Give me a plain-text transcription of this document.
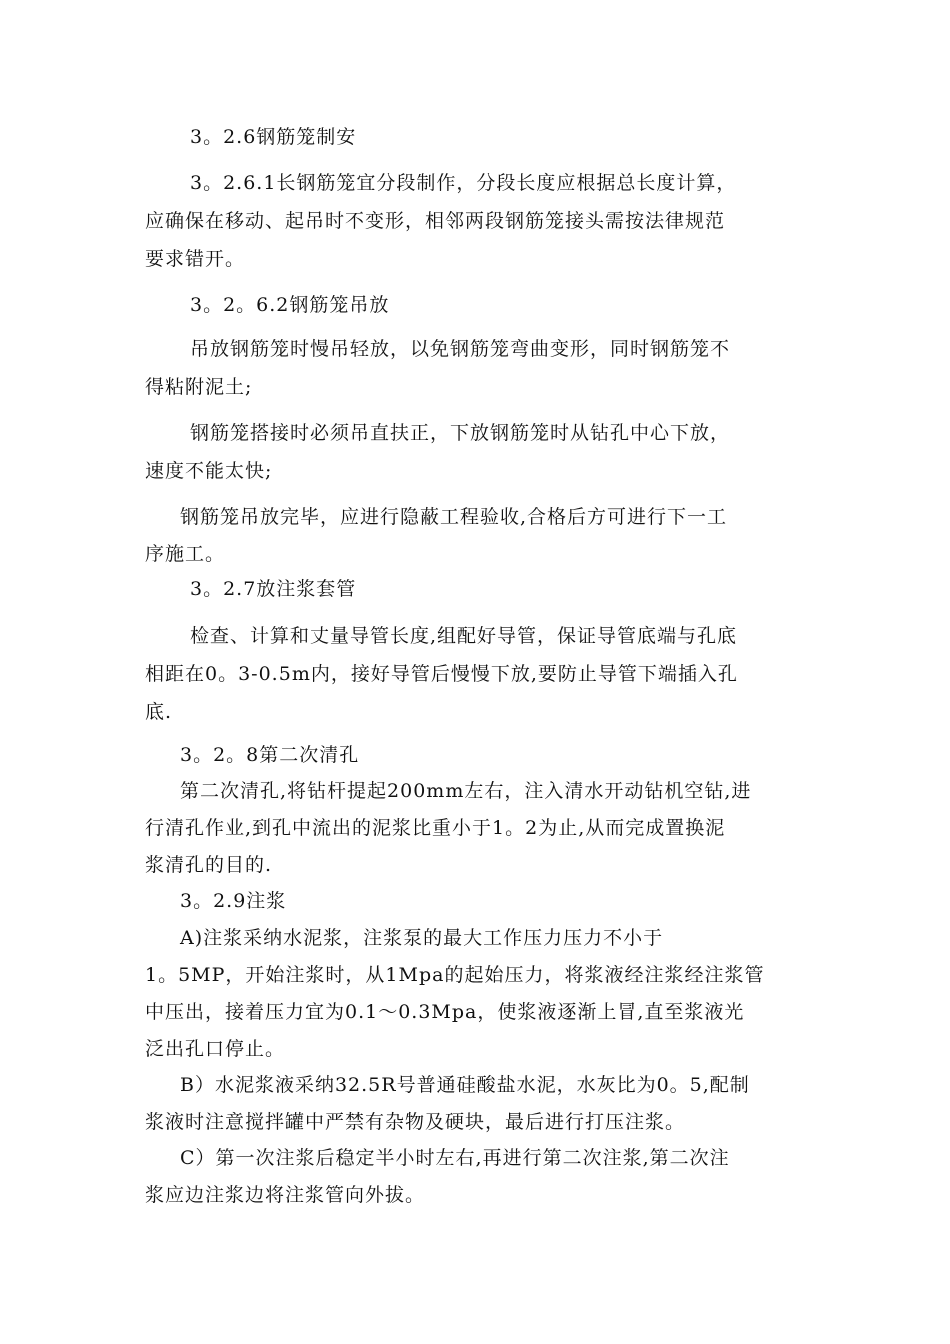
3。2.6钢筋笼制安
3。2.6.1长钢筋笼宜分段制作，分段长度应根据总长度计算，
应确保在移动、起吊时不变形，相邻两段钢筋笼接头需按法律规范
要求错开。
3。2。6.2钢筋笼吊放
吊放钢筋笼时慢吊轻放，以免钢筋笼弯曲变形，同时钢筋笼不
得粘附泥土;
钢筋笼搭接时必须吊直扶正，下放钢筋笼时从钻孔中心下放，
速度不能太快;
钢筋笼吊放完毕，应进行隐蔽工程验收,合格后方可进行下一工
序施工。
3。2.7放注浆套管
检查、计算和丈量导管长度,组配好导管，保证导管底端与孔底
相距在0。3-0.5m内，接好导管后慢慢下放,要防止导管下端插入孔
底.
3。2。8第二次清孔
第二次清孔,将钻杆提起200mm左右，注入清水开动钻机空钻,进
行清孔作业,到孔中流出的泥浆比重小于1。2为止,从而完成置换泥
浆清孔的目的.
3。2.9注浆
A)注浆采纳水泥浆，注浆泵的最大工作压力压力不小于
1。5MP，开始注浆时，从1Mpa的起始压力，将浆液经注浆经注浆管
中压出，接着压力宜为0.1～0.3Mpa，使浆液逐渐上冒,直至浆液光
泛出孔口停止。
B）水泥浆液采纳32.5R号普通硅酸盐水泥，水灰比为0。5,配制
浆液时注意搅拌罐中严禁有杂物及硬块，最后进行打压注浆。
C）第一次注浆后稳定半小时左右,再进行第二次注浆,第二次注
浆应边注浆边将注浆管向外拔。
